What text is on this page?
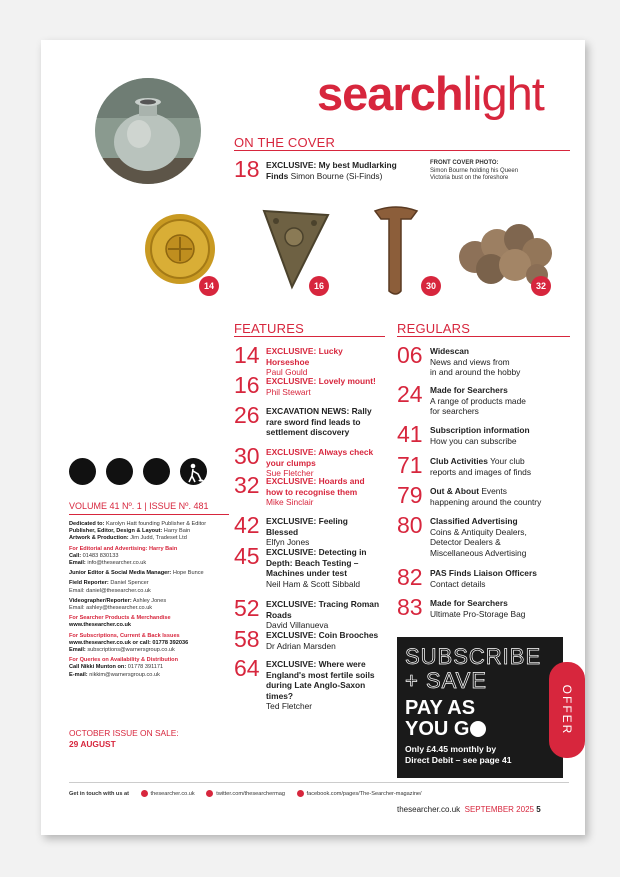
searchlight
ON THE COVER
18 EXCLUSIVE: My best Mudlarking
Finds Simon Bourne (Si-Finds)
FRONT COVER PHOTO:
Simon Bourne holding his Queen
Victoria bust on the foreshore
14	16	30	32
FEATURES
14 EXCLUSIVE: Lucky
Horseshoe
Paul Gould
16 EXCLUSIVE: Lovely mount!
Phil Stewart
26 EXCAVATION NEWS: Rally
rare sword find leads to
settlement discovery
30 EXCLUSIVE: Always check
your clumps
Sue Fletcher
32 EXCLUSIVE: Hoards and
how to recognise them
Mike Sinclair
42 EXCLUSIVE: Feeling
Blessed
Elfyn Jones
45 EXCLUSIVE: Detecting in
Depth: Beach Testing –
Machines under test
Neil Ham & Scott Sibbald
52 EXCLUSIVE: Tracing Roman
Roads
David Villanueva
58 EXCLUSIVE: Coin Brooches
Dr Adrian Marsden
64 EXCLUSIVE: Where were
England's most fertile soils
during Late Anglo-Saxon
times?
Ted Fletcher
REGULARS
06 Widescan
News and views from
in and around the hobby
24 Made for Searchers
A range of products made
for searchers
41 Subscription information
How you can subscribe
71 Club Activities Your club
reports and images of finds
79 Out & About Events
happening around the country
80 Classified Advertising
Coins & Antiquity Dealers,
Detector Dealers &
Miscellaneous Advertising
82 PAS Finds Liaison Officers
Contact details
83 Made for Searchers
Ultimate Pro-Storage Bag
VOLUME 41 Nº. 1 | ISSUE Nº. 481
Dedicated to: Karolyn Hatt founding Publisher & Editor
Publisher, Editor, Design & Layout: Harry Bain
Artwork & Production: Jim Judd, Tradeset Ltd
For Editorial and Advertising: Harry Bain
Call: 01483 830133
Email: info@thesearcher.co.uk
Junior Editor & Social Media Manager: Hope Bunce
Field Reporter: Daniel Spencer
Email: daniel@thesearcher.co.uk
Videographer/Reporter: Ashley Jones
Email: ashley@thesearcher.co.uk
For Searcher Products & Merchandise
www.thesearcher.co.uk
For Subscriptions, Current & Back Issues
www.thesearcher.co.uk or call: 01778 392036
Email: subscriptions@warnersgroup.co.uk
For Queries on Availability & Distribution
Call Nikki Munton on: 01778 391171
E-mail: nikkim@warnersgroup.co.uk
OCTOBER ISSUE ON SALE:
29 AUGUST
SUBSCRIBE
+ SAVE
PAY AS
YOU G
Only £4.45 monthly by
Direct Debit – see page 41
OFFER
Get in touch with us at	thesearcher.co.uk	twitter.com/thesearchermag	facebook.com/pages/The-Searcher-magazine/
thesearcher.co.uk SEPTEMBER 2025 5
